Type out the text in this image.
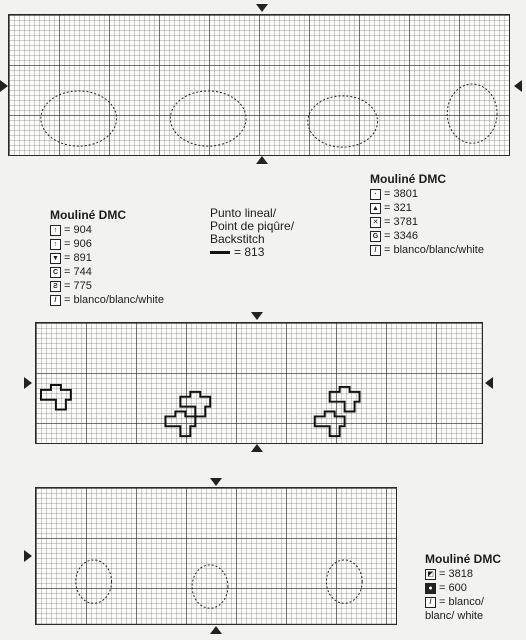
Mouliné DMC
· = 3801
▲ = 321
✕ = 3781
G = 3346
/ = blanco/blanc/white
Mouliné DMC
↑ = 904
↑ = 906
▼ = 891
C = 744
Ƨ = 775
/ = blanco/blanc/white
Punto lineal/
Point de piqûre/
Backstitch
= 813
Mouliné DMC
◩ = 3818
● = 600
/ = blanco/
blanc/ white
